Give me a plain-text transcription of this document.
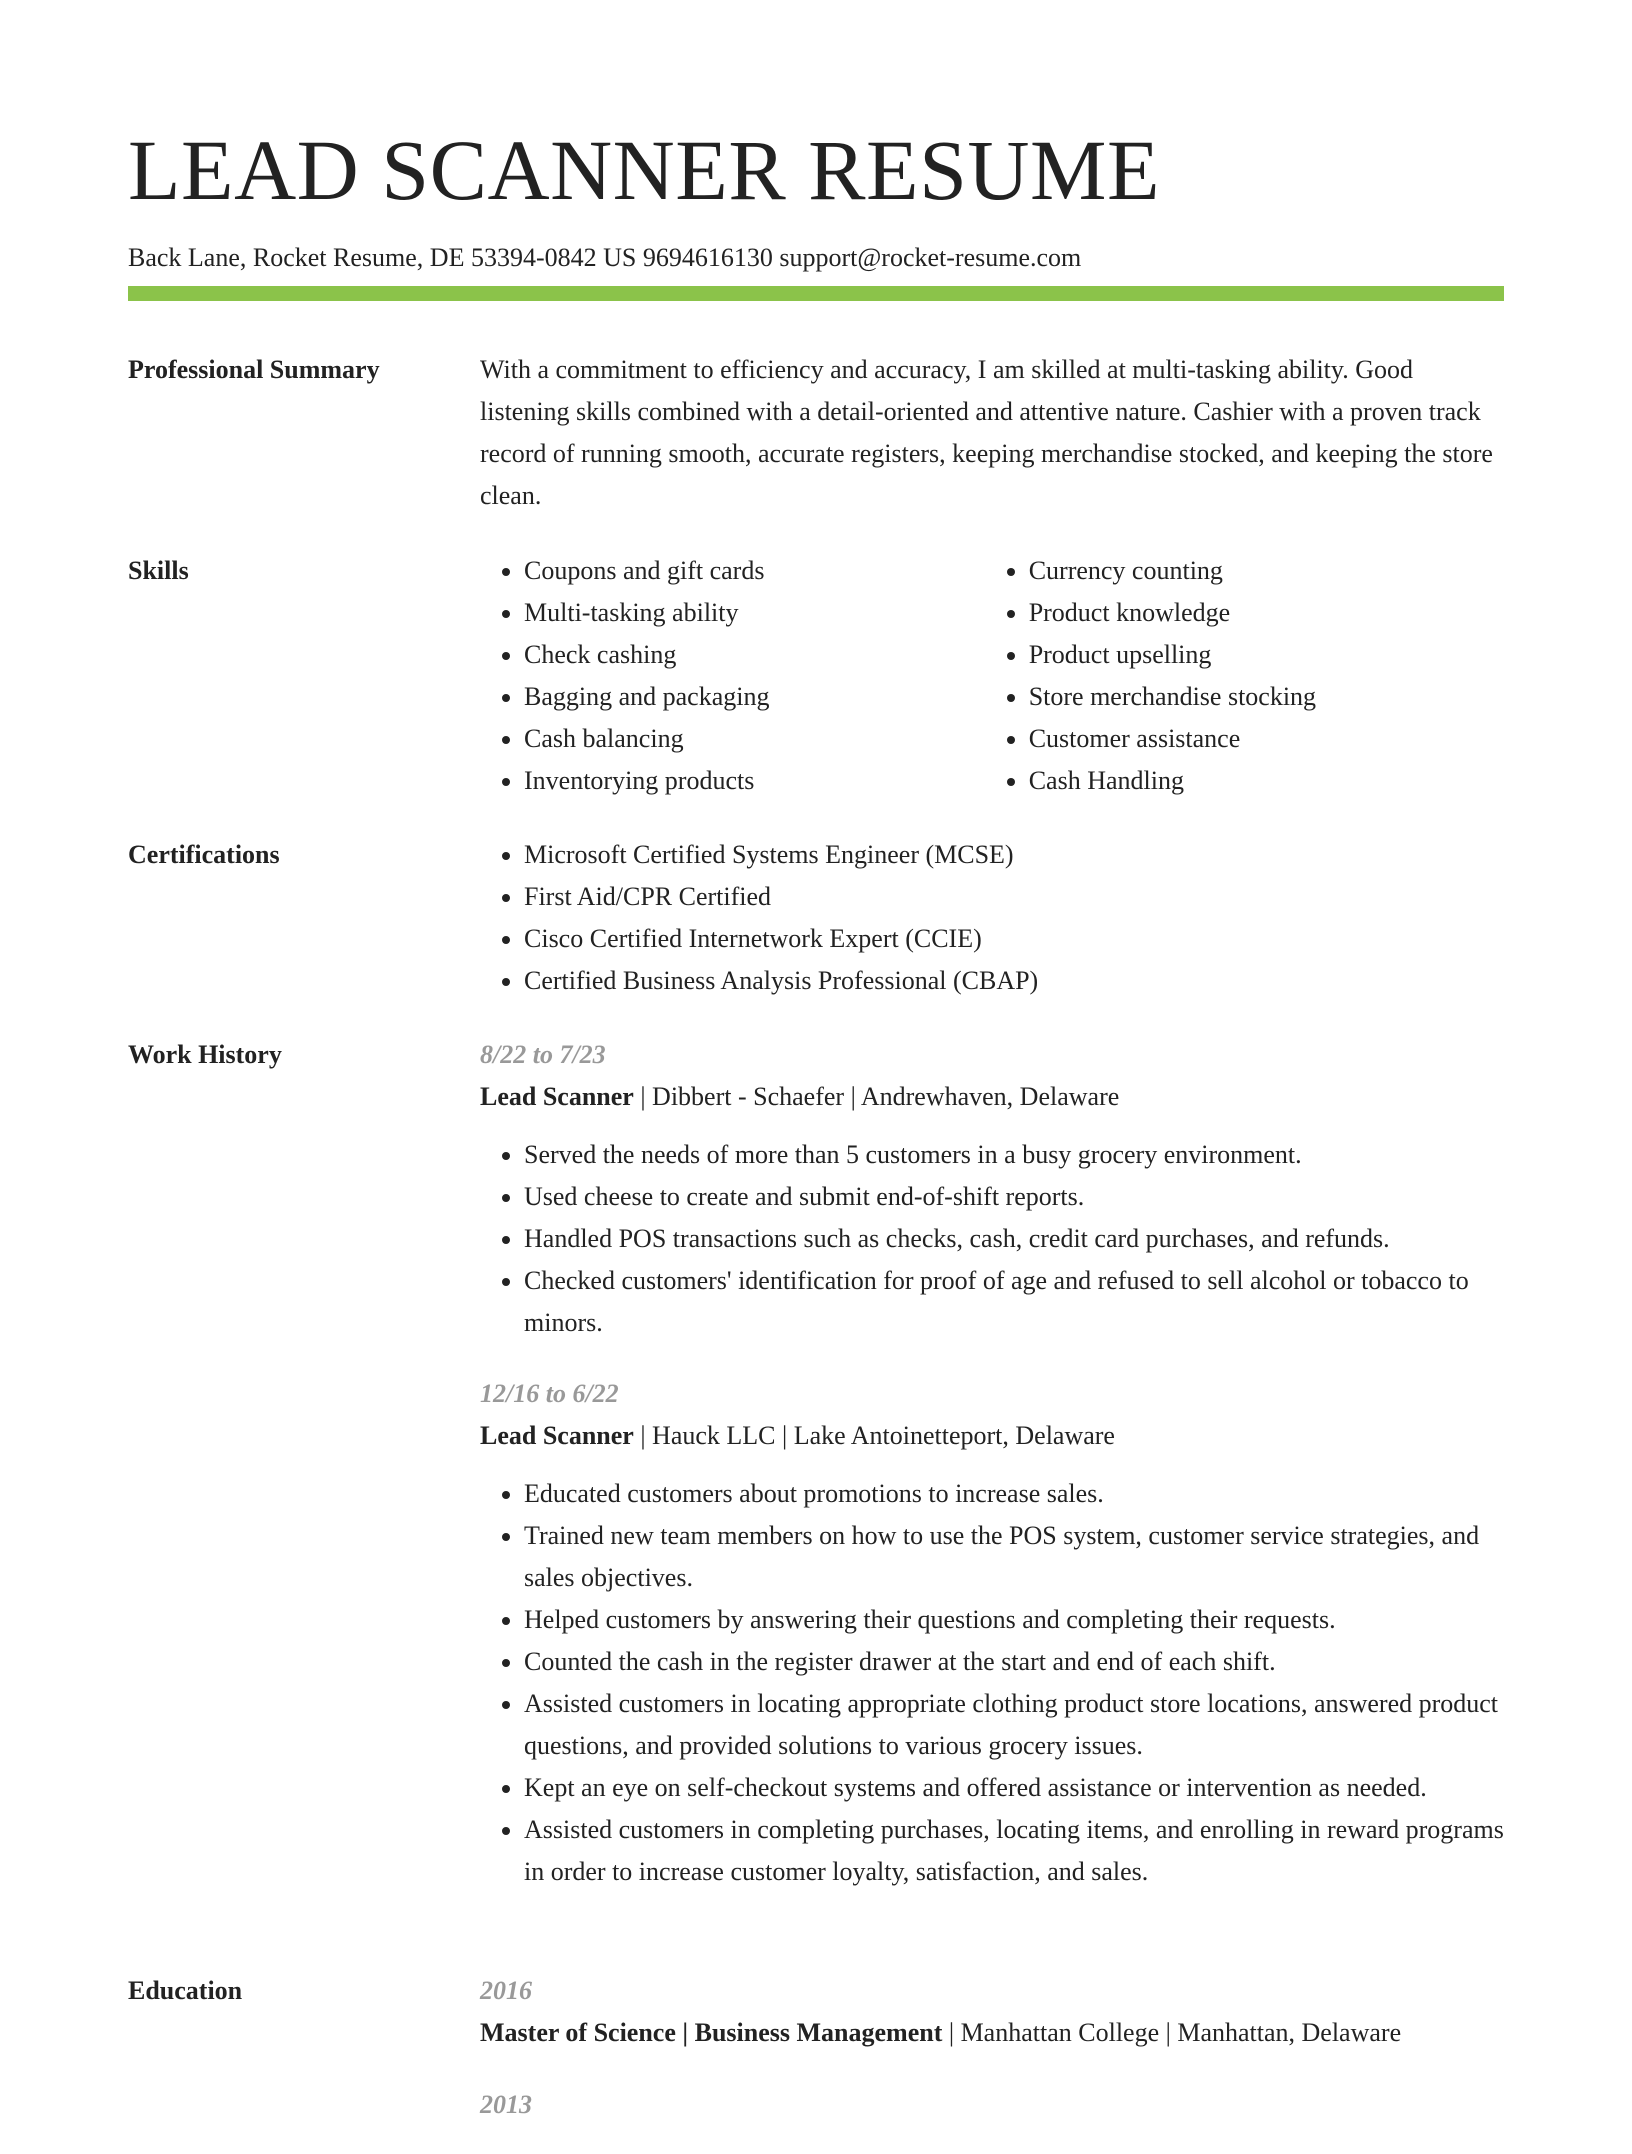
LEAD SCANNER RESUME
Back Lane, Rocket Resume, DE 53394-0842 US 9694616130 support@rocket-resume.com
Professional Summary	With a commitment to efficiency and accuracy, I am skilled at multi-tasking ability. Good listening skills combined with a detail-oriented and attentive nature. Cashier with a proven track record of running smooth, accurate registers, keeping merchandise stocked, and keeping the store clean.

Skills	• Coupons and gift cards
• Multi-tasking ability
• Check cashing
• Bagging and packaging
• Cash balancing
• Inventorying products
• Currency counting
• Product knowledge
• Product upselling
• Store merchandise stocking
• Customer assistance
• Cash Handling
Certifications	• Microsoft Certified Systems Engineer (MCSE)
• First Aid/CPR Certified
• Cisco Certified Internetwork Expert (CCIE)
• Certified Business Analysis Professional (CBAP)
Work History	8/22 to 7/23
Lead Scanner | Dibbert - Schaefer | Andrewhaven, Delaware
• Served the needs of more than 5 customers in a busy grocery environment.
• Used cheese to create and submit end-of-shift reports.
• Handled POS transactions such as checks, cash, credit card purchases, and refunds.
• Checked customers' identification for proof of age and refused to sell alcohol or tobacco to minors.
12/16 to 6/22
Lead Scanner | Hauck LLC | Lake Antoinetteport, Delaware
• Educated customers about promotions to increase sales.
• Trained new team members on how to use the POS system, customer service strategies, and sales objectives.
• Helped customers by answering their questions and completing their requests.
• Counted the cash in the register drawer at the start and end of each shift.
• Assisted customers in locating appropriate clothing product store locations, answered product questions, and provided solutions to various grocery issues.
• Kept an eye on self-checkout systems and offered assistance or intervention as needed.
• Assisted customers in completing purchases, locating items, and enrolling in reward programs in order to increase customer loyalty, satisfaction, and sales.
Education	2016
Master of Science | Business Management | Manhattan College | Manhattan, Delaware
2013
